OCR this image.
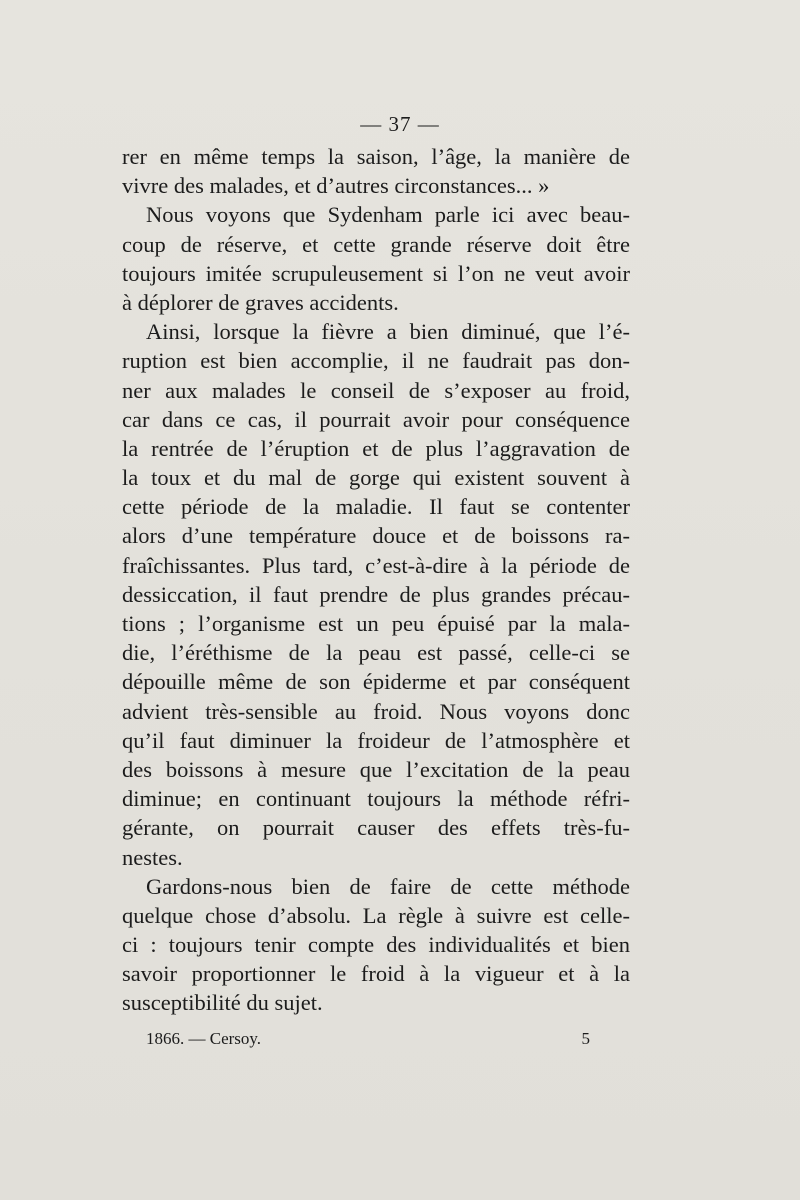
— 37 —
rer en même temps la saison, l’âge, la manière de
vivre des malades, et d’autres circonstances... »
Nous voyons que Sydenham parle ici avec beau-
coup de réserve, et cette grande réserve doit être
toujours imitée scrupuleusement si l’on ne veut avoir
à déplorer de graves accidents.
Ainsi, lorsque la fièvre a bien diminué, que l’é-
ruption est bien accomplie, il ne faudrait pas don-
ner aux malades le conseil de s’exposer au froid,
car dans ce cas, il pourrait avoir pour conséquence
la rentrée de l’éruption et de plus l’aggravation de
la toux et du mal de gorge qui existent souvent à
cette période de la maladie. Il faut se contenter
alors d’une température douce et de boissons ra-
fraîchissantes. Plus tard, c’est-à-dire à la période de
dessiccation, il faut prendre de plus grandes précau-
tions ; l’organisme est un peu épuisé par la mala-
die, l’éréthisme de la peau est passé, celle-ci se
dépouille même de son épiderme et par conséquent
advient très-sensible au froid. Nous voyons donc
qu’il faut diminuer la froideur de l’atmosphère et
des boissons à mesure que l’excitation de la peau
diminue; en continuant toujours la méthode réfri-
gérante, on pourrait causer des effets très-fu-
nestes.
Gardons-nous bien de faire de cette méthode
quelque chose d’absolu. La règle à suivre est celle-
ci : toujours tenir compte des individualités et bien
savoir proportionner le froid à la vigueur et à la
susceptibilité du sujet.
1866. — Cersoy.	5
